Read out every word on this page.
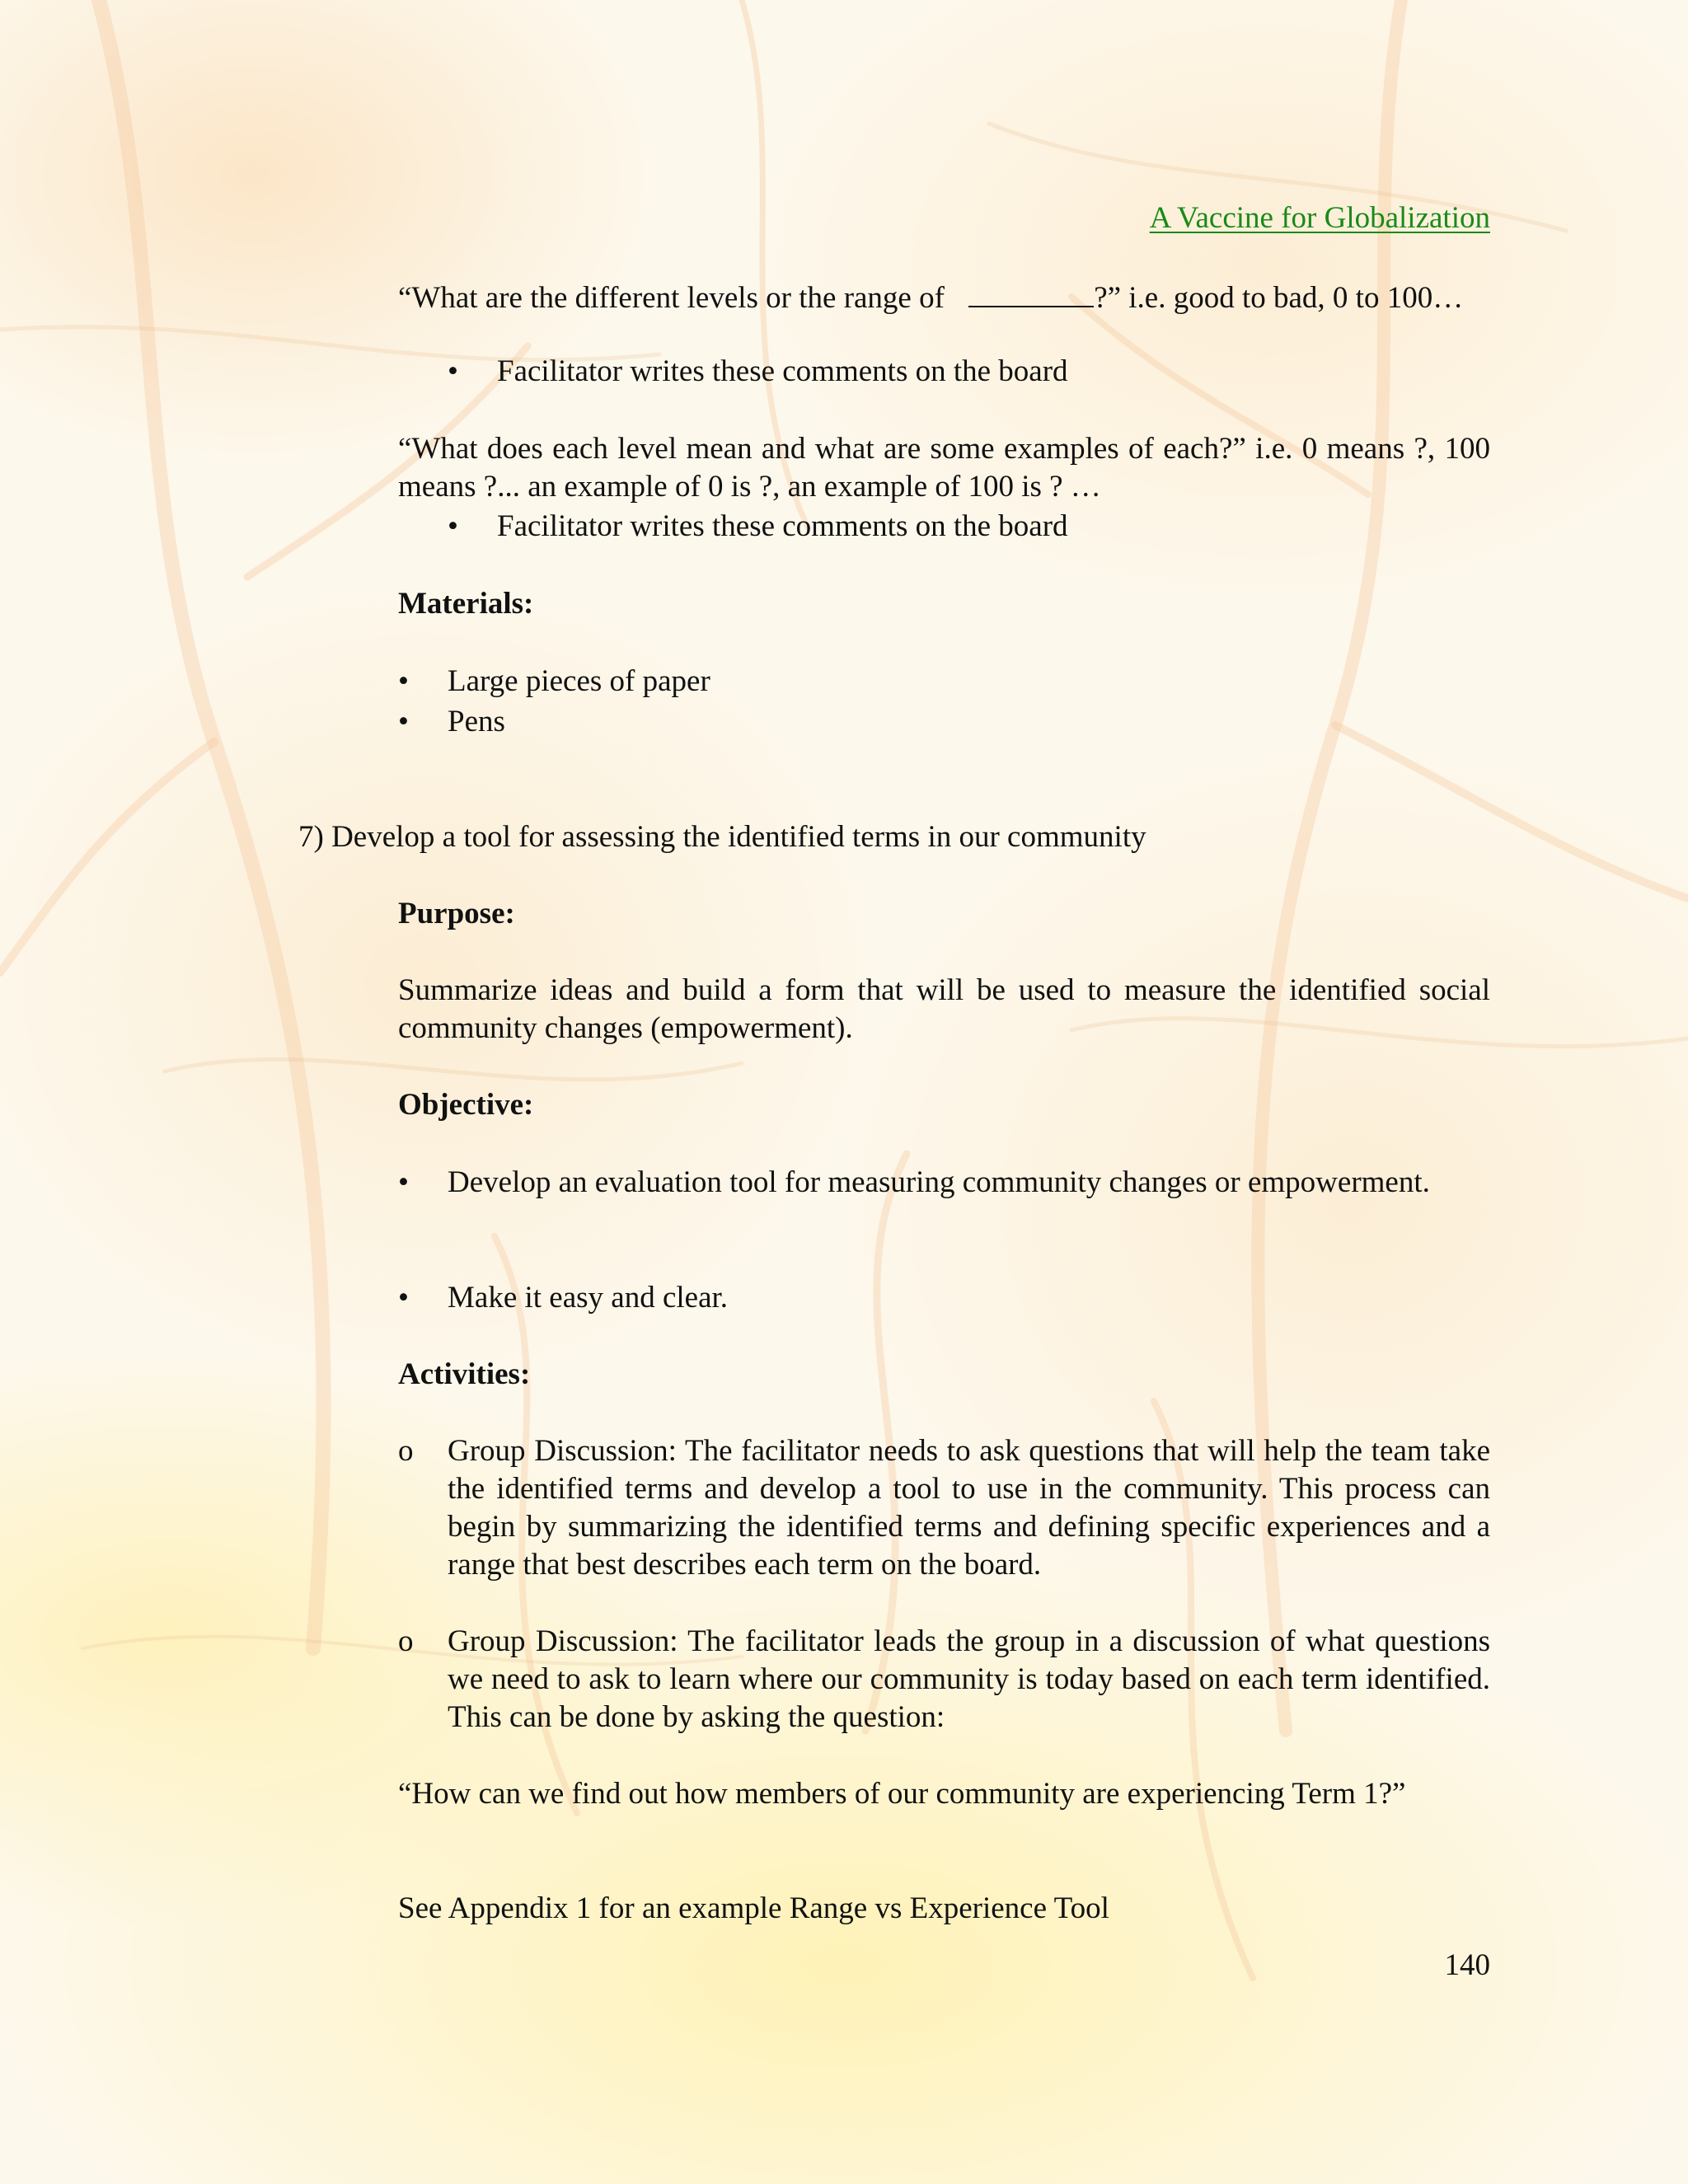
A Vaccine for Globalization
“What are the different levels or the range of	?” i.e. good to bad, 0 to 100…
•	Facilitator writes these comments on the board
“What does each level mean and what are some examples of each?” i.e. 0 means ?, 100 means ?... an example of 0 is ?, an example of 100 is ? …
•	Facilitator writes these comments on the board
Materials:
•	Large pieces of paper
•	Pens
7) Develop a tool for assessing the identified terms in our community
Purpose:
Summarize ideas and build a form that will be used to measure the identified social community changes (empowerment).
Objective:
•	Develop an evaluation tool for measuring community changes or empowerment.
•	Make it easy and clear.
Activities:
o	Group Discussion: The facilitator needs to ask questions that will help the team take the identified terms and develop a tool to use in the community. This process can begin by summarizing the identified terms and defining specific experiences and a range that best describes each term on the board.
o	Group Discussion: The facilitator leads the group in a discussion of what questions we need to ask to learn where our community is today based on each term identified. This can be done by asking the question:
“How can we find out how members of our community are experiencing Term 1?”
See Appendix 1 for an example Range vs Experience Tool
140
